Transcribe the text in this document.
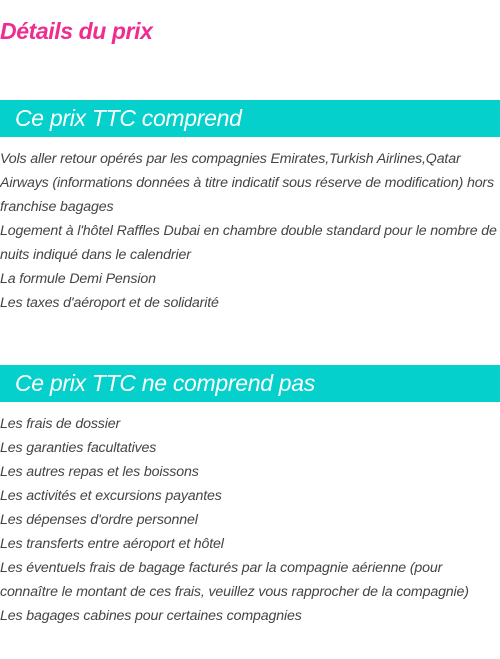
Détails du prix
Ce prix TTC comprend
Vols aller retour opérés par les compagnies Emirates,Turkish Airlines,Qatar Airways (informations données à titre indicatif sous réserve de modification) hors franchise bagages
Logement à l'hôtel Raffles Dubai en chambre double standard pour le nombre de nuits indiqué dans le calendrier
La formule Demi Pension
Les taxes d'aéroport et de solidarité
Ce prix TTC ne comprend pas
Les frais de dossier
Les garanties facultatives
Les autres repas et les boissons
Les activités et excursions payantes
Les dépenses d'ordre personnel
Les transferts entre aéroport et hôtel
Les éventuels frais de bagage facturés par la compagnie aérienne (pour connaître le montant de ces frais, veuillez vous rapprocher de la compagnie)
Les bagages cabines pour certaines compagnies
